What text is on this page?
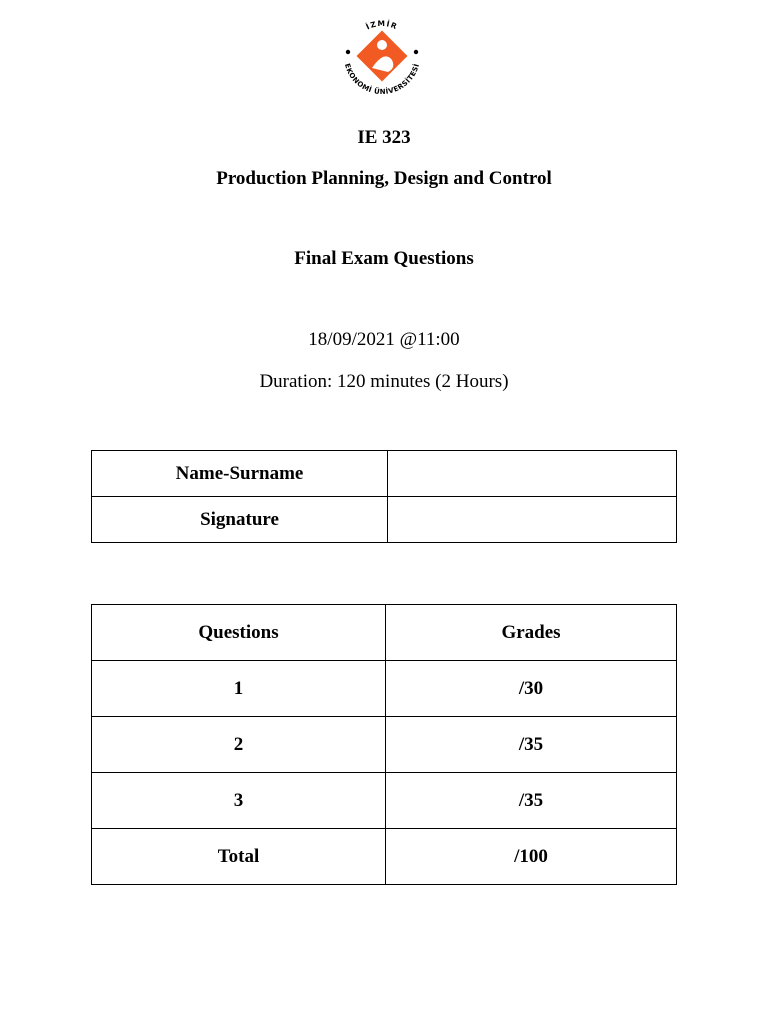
İZMİR
EKONOMİ ÜNİVERSİTESİ
IE 323
Production Planning, Design and Control
Final Exam Questions
18/09/2021 @11:00
Duration: 120 minutes (2 Hours)
Name-Surname	
Signature	
Questions	Grades
1	/30
2	/35
3	/35
Total	/100
